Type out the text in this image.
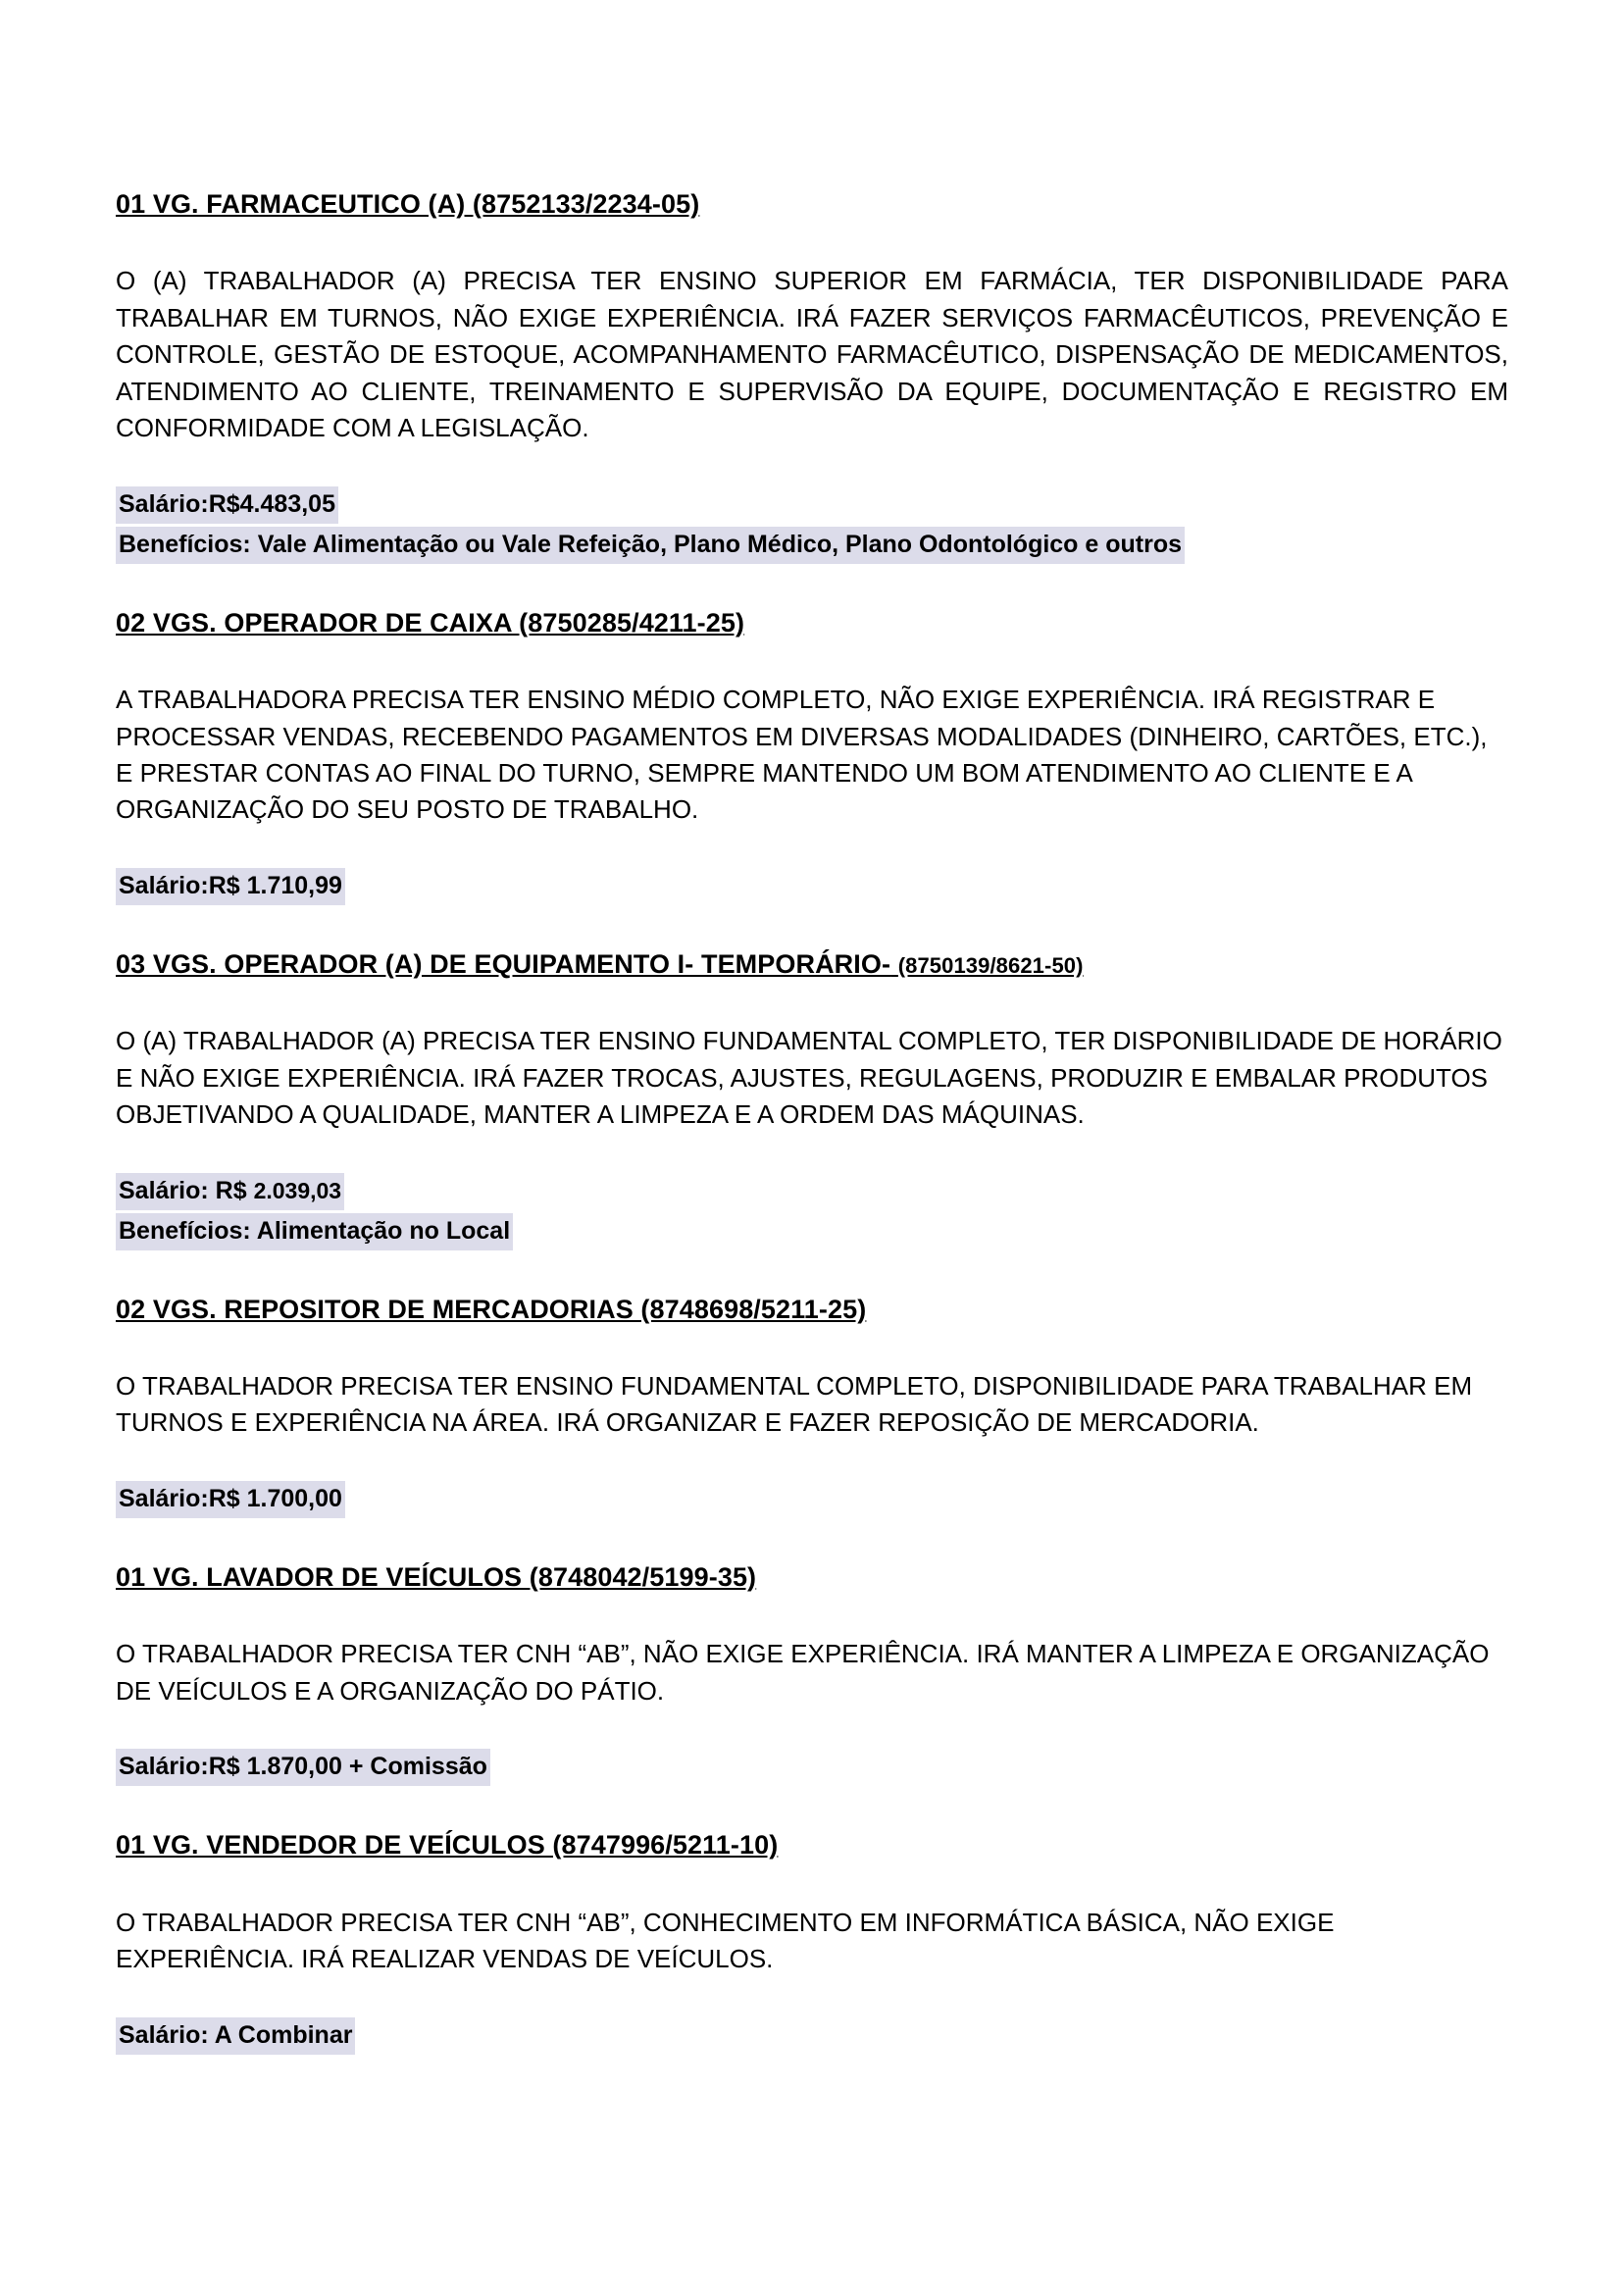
01 VG. FARMACEUTICO (A) (8752133/2234-05)
O (A) TRABALHADOR (A) PRECISA TER ENSINO SUPERIOR EM FARMÁCIA, TER DISPONIBILIDADE PARA TRABALHAR EM TURNOS, NÃO EXIGE EXPERIÊNCIA. IRÁ FAZER SERVIÇOS FARMACÊUTICOS, PREVENÇÃO E CONTROLE, GESTÃO DE ESTOQUE, ACOMPANHAMENTO FARMACÊUTICO, DISPENSAÇÃO DE MEDICAMENTOS, ATENDIMENTO AO CLIENTE, TREINAMENTO E SUPERVISÃO DA EQUIPE, DOCUMENTAÇÃO E REGISTRO EM CONFORMIDADE COM A LEGISLAÇÃO.
Salário:R$4.483,05
Benefícios: Vale Alimentação ou Vale Refeição, Plano Médico, Plano Odontológico e outros
02 VGS. OPERADOR DE CAIXA (8750285/4211-25)
A TRABALHADORA PRECISA TER ENSINO MÉDIO COMPLETO, NÃO EXIGE EXPERIÊNCIA. IRÁ REGISTRAR E PROCESSAR VENDAS, RECEBENDO PAGAMENTOS EM DIVERSAS MODALIDADES (DINHEIRO, CARTÕES, ETC.), E PRESTAR CONTAS AO FINAL DO TURNO, SEMPRE MANTENDO UM BOM ATENDIMENTO AO CLIENTE E A ORGANIZAÇÃO DO SEU POSTO DE TRABALHO.
Salário:R$ 1.710,99
03 VGS. OPERADOR (A) DE EQUIPAMENTO I- TEMPORÁRIO- (8750139/8621-50)
O (A) TRABALHADOR (A) PRECISA TER ENSINO FUNDAMENTAL COMPLETO, TER DISPONIBILIDADE DE HORÁRIO E NÃO EXIGE EXPERIÊNCIA. IRÁ FAZER TROCAS, AJUSTES, REGULAGENS, PRODUZIR E EMBALAR PRODUTOS OBJETIVANDO A QUALIDADE, MANTER A LIMPEZA E A ORDEM DAS MÁQUINAS.
Salário: R$ 2.039,03
Benefícios: Alimentação no Local
02 VGS. REPOSITOR DE MERCADORIAS (8748698/5211-25)
O TRABALHADOR PRECISA TER ENSINO FUNDAMENTAL COMPLETO, DISPONIBILIDADE PARA TRABALHAR EM TURNOS E EXPERIÊNCIA NA ÁREA. IRÁ ORGANIZAR E FAZER REPOSIÇÃO DE MERCADORIA.
Salário:R$ 1.700,00
01 VG. LAVADOR DE VEÍCULOS (8748042/5199-35)
O TRABALHADOR PRECISA TER CNH “AB”, NÃO EXIGE EXPERIÊNCIA. IRÁ MANTER A LIMPEZA E ORGANIZAÇÃO DE VEÍCULOS E A ORGANIZAÇÃO DO PÁTIO.
Salário:R$ 1.870,00 + Comissão
01 VG. VENDEDOR DE VEÍCULOS (8747996/5211-10)
O TRABALHADOR PRECISA TER CNH “AB”, CONHECIMENTO EM INFORMÁTICA BÁSICA, NÃO EXIGE EXPERIÊNCIA. IRÁ REALIZAR VENDAS DE VEÍCULOS.
Salário: A Combinar
